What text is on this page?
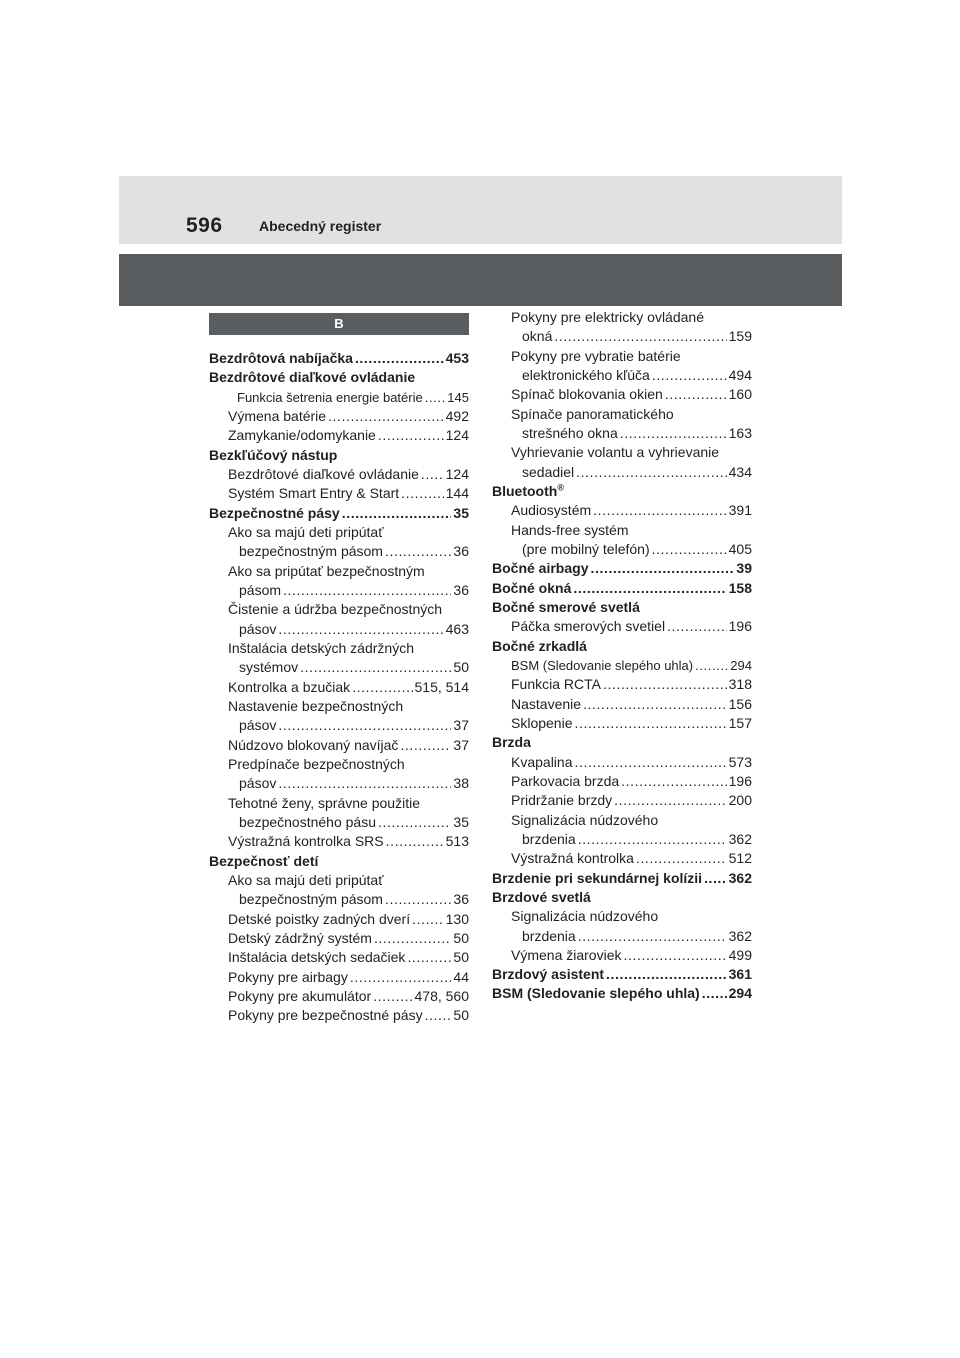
596	Abecedný register
B
Bezdrôtová nabíjačka .....	453
Bezdrôtové diaľkové ovládanie
Funkcia šetrenia energie batérie ..... 145
Výmena batérie .....	492
Zamykanie/odomykanie .....	124
Bezkľúčový nástup
Bezdrôtové diaľkové ovládanie ..... 124
Systém Smart Entry & Start .....	144
Bezpečnostné pásy .....	35
Ako sa majú deti pripútať
bezpečnostným pásom .....	36
Ako sa pripútať bezpečnostným
pásom .....	36
Čistenie a údržba bezpečnostných
pásov .....	463
Inštalácia detských zádržných
systémov .....	50
Kontrolka a bzučiak .....	515, 514
Nastavenie bezpečnostných
pásov .....	37
Núdzovo blokovaný navíjač .....	37
Predpínače bezpečnostných
pásov .....	38
Tehotné ženy, správne použitie
bezpečnostného pásu .....	35
Výstražná kontrolka SRS .....	513
Bezpečnosť detí
Ako sa majú deti pripútať
bezpečnostným pásom .....	36
Detské poistky zadných dverí .....	130
Detský zádržný systém .....	50
Inštalácia detských sedačiek .....	50
Pokyny pre airbagy .....	44
Pokyny pre akumulátor .....	478, 560
Pokyny pre bezpečnostné pásy ..... 50
Pokyny pre elektricky ovládané
okná .....	159
Pokyny pre vybratie batérie
elektronického kľúča .....	494
Spínač blokovania okien .....	160
Spínače panoramatického
strešného okna .....	163
Vyhrievanie volantu a vyhrievanie
sedadiel .....	434
Bluetooth®
Audiosystém .....	391
Hands-free systém
(pre mobilný telefón) .....	405
Bočné airbagy .....	39
Bočné okná .....	158
Bočné smerové svetlá
Páčka smerových svetiel .....	196
Bočné zrkadlá
BSM (Sledovanie slepého uhla) .....	294
Funkcia RCTA .....	318
Nastavenie .....	156
Sklopenie .....	157
Brzda
Kvapalina .....	573
Parkovacia brzda .....	196
Pridržanie brzdy .....	200
Signalizácia núdzového
brzdenia .....	362
Výstražná kontrolka .....	512
Brzdenie pri sekundárnej kolízii ..... 362
Brzdové svetlá
Signalizácia núdzového
brzdenia .....	362
Výmena žiaroviek .....	499
Brzdový asistent .....	361
BSM (Sledovanie slepého uhla) ..... 294
